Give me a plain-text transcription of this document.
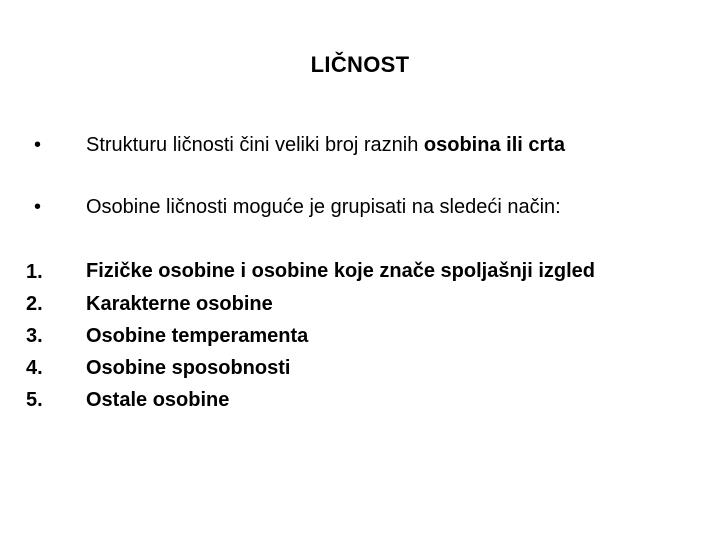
LIČNOST
•	Strukturu ličnosti čini veliki broj raznih osobina ili crta
•	Osobine ličnosti moguće je grupisati na sledeći način:
1.	Fizičke osobine i osobine koje znače spoljašnji izgled
2.	Karakterne osobine
3.	Osobine temperamenta
4.	Osobine sposobnosti
5.	Ostale osobine
